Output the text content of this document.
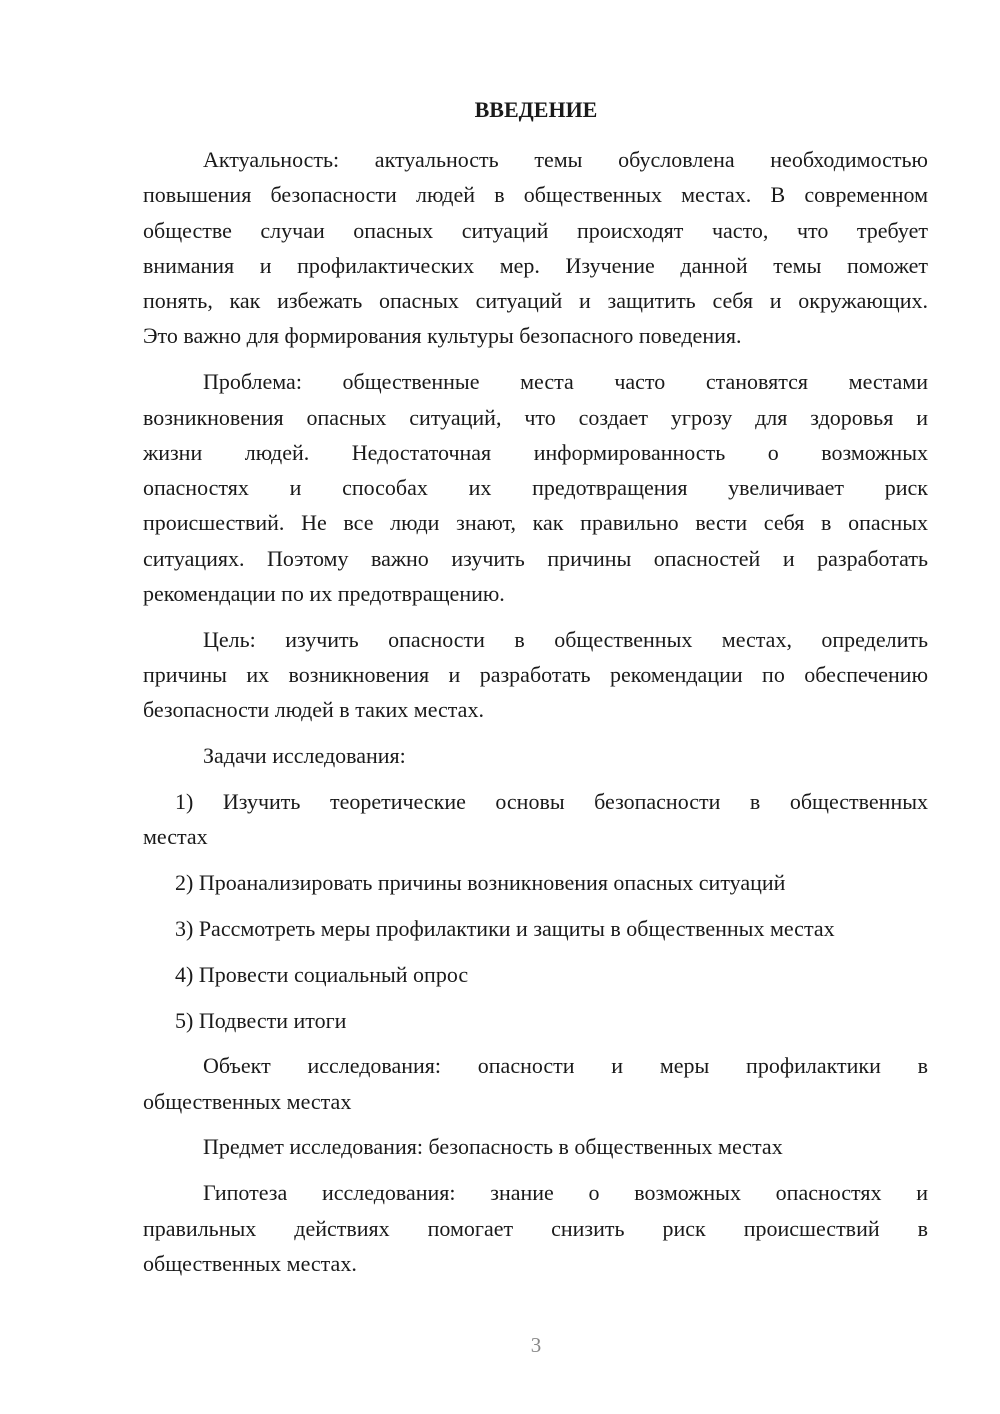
ВВЕДЕНИЕ
Актуальность: актуальность темы обусловлена необходимостью
повышения безопасности людей в общественных местах. В современном
обществе случаи опасных ситуаций происходят часто, что требует
внимания и профилактических мер. Изучение данной темы поможет
понять, как избежать опасных ситуаций и защитить себя и окружающих.
Это важно для формирования культуры безопасного поведения.
Проблема: общественные места часто становятся местами
возникновения опасных ситуаций, что создает угрозу для здоровья и
жизни людей. Недостаточная информированность о возможных
опасностях и способах их предотвращения увеличивает риск
происшествий. Не все люди знают, как правильно вести себя в опасных
ситуациях. Поэтому важно изучить причины опасностей и разработать
рекомендации по их предотвращению.
Цель: изучить опасности в общественных местах, определить
причины их возникновения и разработать рекомендации по обеспечению
безопасности людей в таких местах.
Задачи исследования:
1) Изучить теоретические основы безопасности в общественных
местах
2) Проанализировать причины возникновения опасных ситуаций
3) Рассмотреть меры профилактики и защиты в общественных местах
4) Провести социальный опрос
5) Подвести итоги
Объект исследования: опасности и меры профилактики в
общественных местах
Предмет исследования: безопасность в общественных местах
Гипотеза исследования: знание о возможных опасностях и
правильных действиях помогает снизить риск происшествий в
общественных местах.
3
